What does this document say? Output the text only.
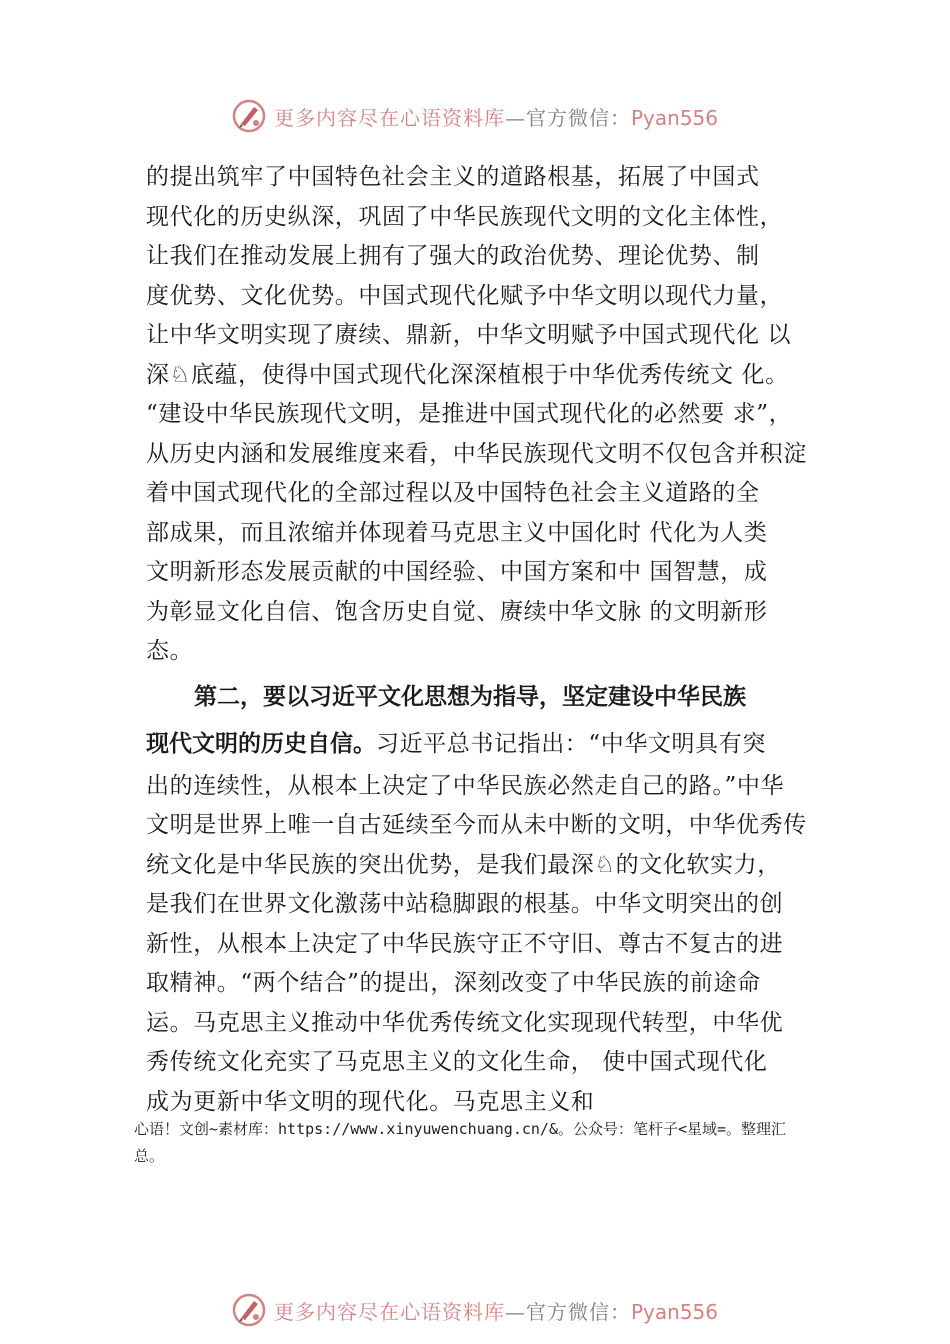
更多内容尽在心语资料库—官方微信：Pyan556
的提出筑牢了中国特色社会主义的道路根基，拓展了中国式
现代化的历史纵深，巩固了中华民族现代文明的文化主体性，
让我们在推动发展上拥有了强大的政治优势、理论优势、制
度优势、文化优势。中国式现代化赋予中华文明以现代力量，
让中华文明实现了赓续、鼎新，中华文明赋予中国式现代化 以
深♘底蕴，使得中国式现代化深深植根于中华优秀传统文 化。
“建设中华民族现代文明，是推进中国式现代化的必然要 求”，
从历史内涵和发展维度来看，中华民族现代文明不仅包含并积淀
着中国式现代化的全部过程以及中国特色社会主义道路的全
部成果，而且浓缩并体现着马克思主义中国化时 代化为人类
文明新形态发展贡献的中国经验、中国方案和中 国智慧，成
为彰显文化自信、饱含历史自觉、赓续中华文脉 的文明新形
态。
第二，要以习近平文化思想为指导，坚定建设中华民族
现代文明的历史自信。习近平总书记指出：“中华文明具有突
出的连续性，从根本上决定了中华民族必然走自己的路。”中华
文明是世界上唯一自古延续至今而从未中断的文明，中华优秀传
统文化是中华民族的突出优势，是我们最深♘的文化软实力，
是我们在世界文化激荡中站稳脚跟的根基。中华文明突出的创
新性，从根本上决定了中华民族守正不守旧、尊古不复古的进
取精神。“两个结合”的提出，深刻改变了中华民族的前途命
运。马克思主义推动中华优秀传统文化实现现代转型，中华优
秀传统文化充实了马克思主义的文化生命， 使中国式现代化
成为更新中华文明的现代化。马克思主义和
心语！文创~素材库：https://www.xinyuwenchuang.cn/&。公众号：笔杆子<星域=。整理汇
总。
更多内容尽在心语资料库—官方微信：Pyan556
